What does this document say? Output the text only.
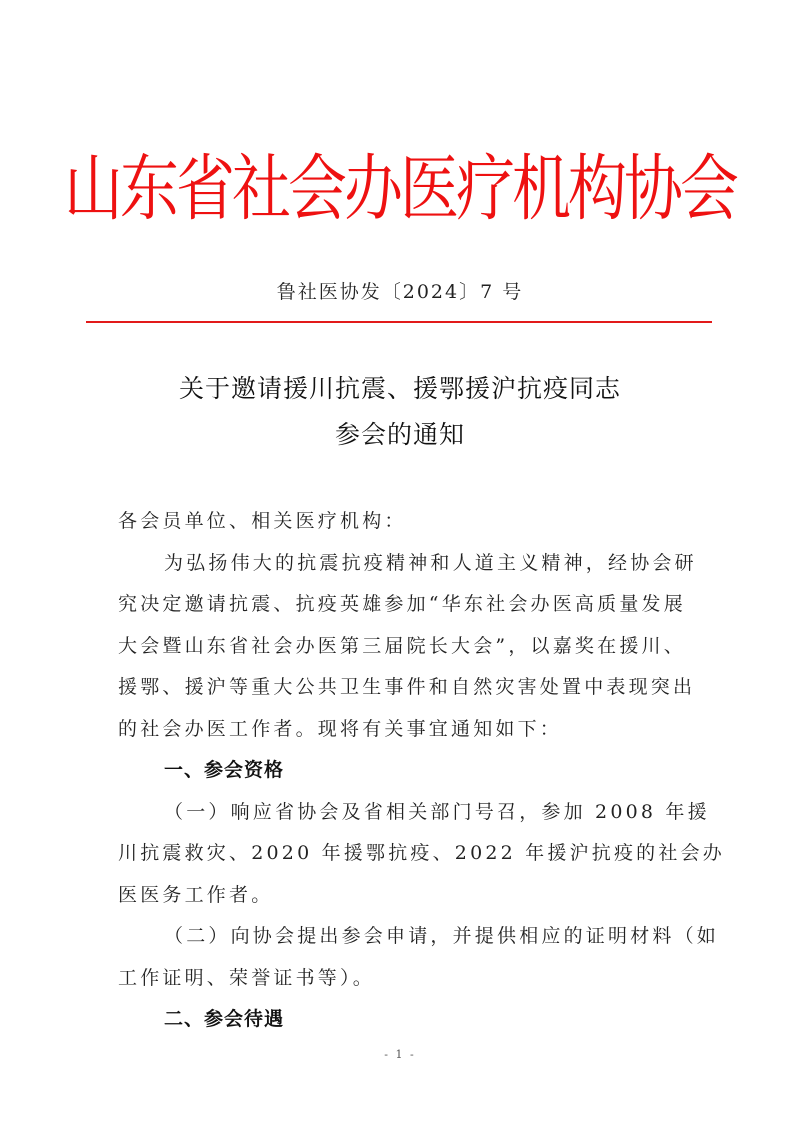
山东省社会办医疗机构协会
鲁社医协发〔2024〕7 号
关于邀请援川抗震、援鄂援沪抗疫同志
参会的通知
各会员单位、相关医疗机构：
为弘扬伟大的抗震抗疫精神和人道主义精神，经协会研
究决定邀请抗震、抗疫英雄参加“华东社会办医高质量发展
大会暨山东省社会办医第三届院长大会”，以嘉奖在援川、
援鄂、援沪等重大公共卫生事件和自然灾害处置中表现突出
的社会办医工作者。现将有关事宜通知如下：
一、参会资格
（一）响应省协会及省相关部门号召，参加 2008 年援
川抗震救灾、2020 年援鄂抗疫、2022 年援沪抗疫的社会办
医医务工作者。
（二）向协会提出参会申请，并提供相应的证明材料（如
工作证明、荣誉证书等）。
二、参会待遇
- 1 -
